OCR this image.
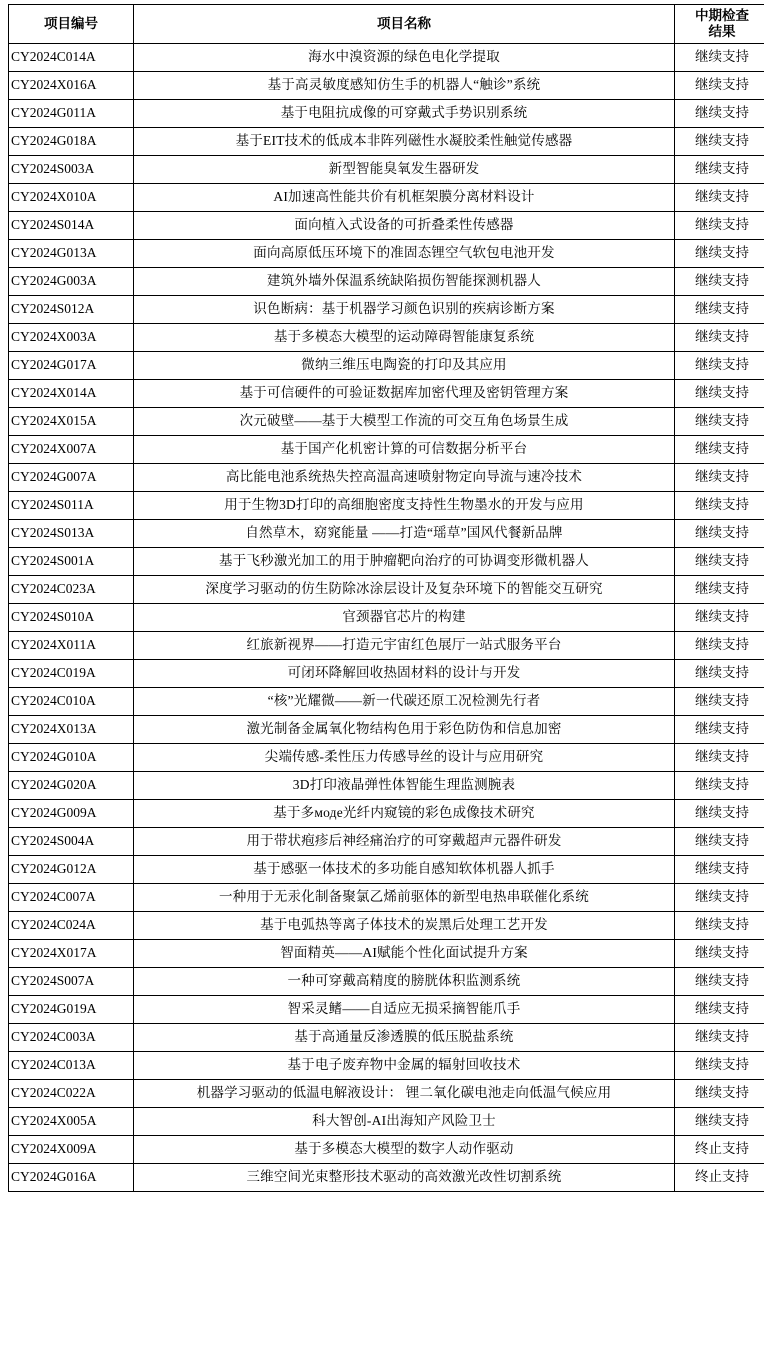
项目编号	项目名称	中期检查
结果

CY2024C014A	海水中溴资源的绿色电化学提取	继续支持
CY2024X016A	基于高灵敏度感知仿生手的机器人“触诊”系统	继续支持
CY2024G011A	基于电阻抗成像的可穿戴式手势识别系统	继续支持
CY2024G018A	基于EIT技术的低成本非阵列磁性水凝胶柔性触觉传感器	继续支持
CY2024S003A	新型智能臭氧发生器研发	继续支持
CY2024X010A	AI加速高性能共价有机框架膜分离材料设计	继续支持
CY2024S014A	面向植入式设备的可折叠柔性传感器	继续支持
CY2024G013A	面向高原低压环境下的准固态锂空气软包电池开发	继续支持
CY2024G003A	建筑外墙外保温系统缺陷损伤智能探测机器人	继续支持
CY2024S012A	识色断病：基于机器学习颜色识别的疾病诊断方案	继续支持
CY2024X003A	基于多模态大模型的运动障碍智能康复系统	继续支持
CY2024G017A	微纳三维压电陶瓷的打印及其应用	继续支持
CY2024X014A	基于可信硬件的可验证数据库加密代理及密钥管理方案	继续支持
CY2024X015A	次元破壁——基于大模型工作流的可交互角色场景生成	继续支持
CY2024X007A	基于国产化机密计算的可信数据分析平台	继续支持
CY2024G007A	高比能电池系统热失控高温高速喷射物定向导流与速冷技术	继续支持
CY2024S011A	用于生物3D打印的高细胞密度支持性生物墨水的开发与应用	继续支持
CY2024S013A	自然草木，窈窕能量 ——打造“瑶草”国风代餐新品牌	继续支持
CY2024S001A	基于飞秒激光加工的用于肿瘤靶向治疗的可协调变形微机器人	继续支持
CY2024C023A	深度学习驱动的仿生防除冰涂层设计及复杂环境下的智能交互研究	继续支持
CY2024S010A	官颈器官芯片的构建	继续支持
CY2024X011A	红旅新视界——打造元宇宙红色展厅一站式服务平台	继续支持
CY2024C019A	可闭环降解回收热固材料的设计与开发	继续支持
CY2024C010A	“核”光耀微——新一代碳还原工况检测先行者	继续支持
CY2024X013A	激光制备金属氧化物结构色用于彩色防伪和信息加密	继续支持
CY2024G010A	尖端传感-柔性压力传感导丝的设计与应用研究	继续支持
CY2024G020A	3D打印液晶弹性体智能生理监测腕表	继续支持
CY2024G009A	基于多моде光纤内窥镜的彩色成像技术研究	继续支持
CY2024S004A	用于带状疱疹后神经痛治疗的可穿戴超声元器件研发	继续支持
CY2024G012A	基于感驱一体技术的多功能自感知软体机器人抓手	继续支持
CY2024C007A	一种用于无汞化制备聚氯乙烯前驱体的新型电热串联催化系统	继续支持
CY2024C024A	基于电弧热等离子体技术的炭黑后处理工艺开发	继续支持
CY2024X017A	智面精英——AI赋能个性化面试提升方案	继续支持
CY2024S007A	一种可穿戴高精度的膀胱体积监测系统	继续支持
CY2024G019A	智采灵鳍——自适应无损采摘智能爪手	继续支持
CY2024C003A	基于高通量反渗透膜的低压脱盐系统	继续支持
CY2024C013A	基于电子废弃物中金属的辐射回收技术	继续支持
CY2024C022A	机器学习驱动的低温电解液设计： 锂二氧化碳电池走向低温气候应用	继续支持
CY2024X005A	科大智创-AI出海知产风险卫士	继续支持
CY2024X009A	基于多模态大模型的数字人动作驱动	终止支持
CY2024G016A	三维空间光束整形技术驱动的高效激光改性切割系统	终止支持
